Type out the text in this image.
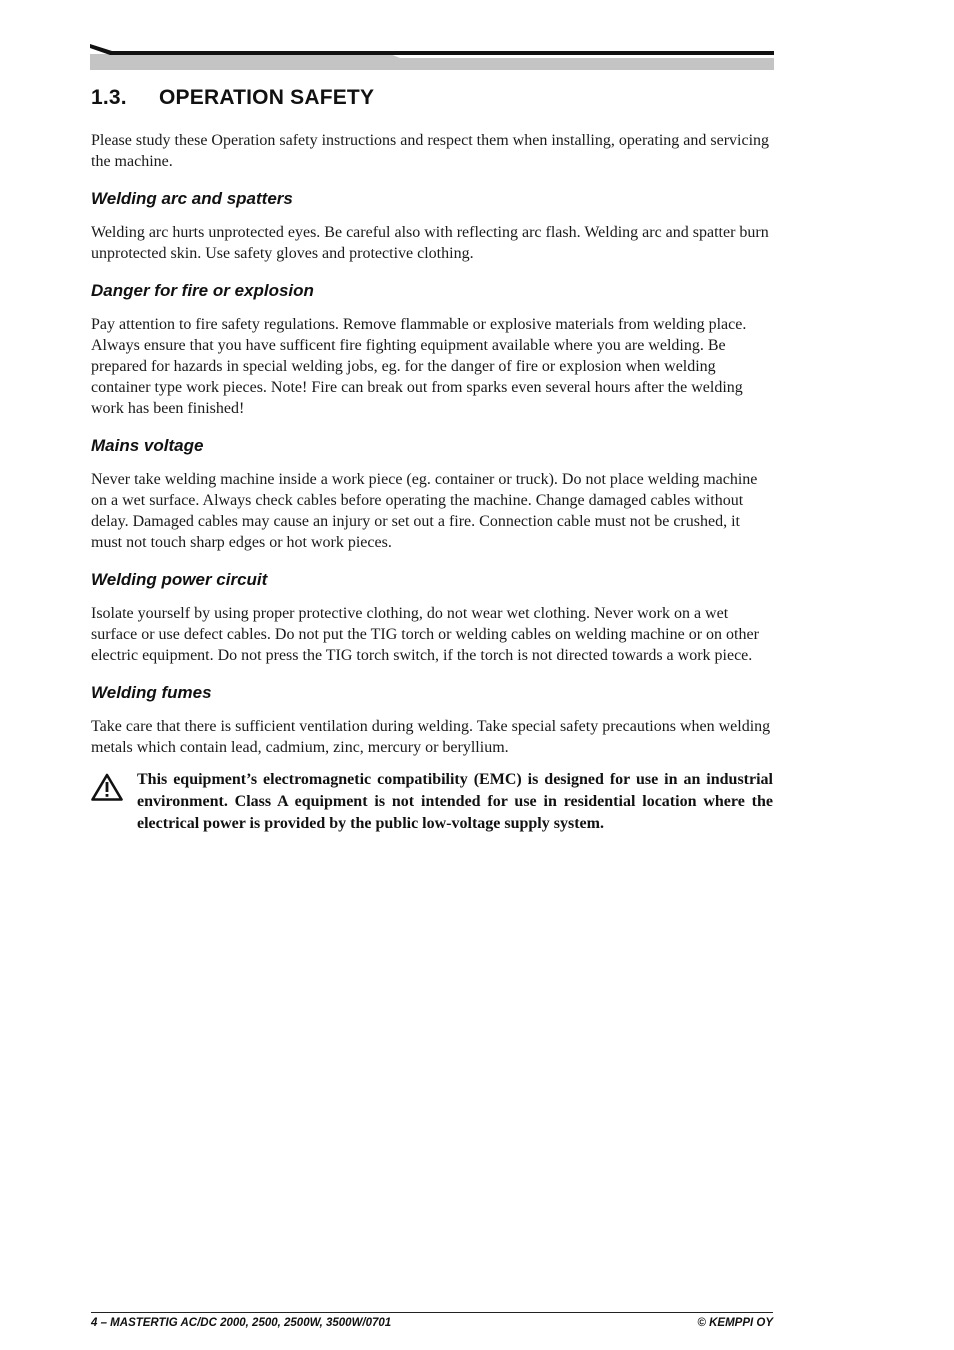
1.3. OPERATION SAFETY

Please study these Operation safety instructions and respect them when installing, operating and servicing the machine.

Welding arc and spatters

Welding arc hurts unprotected eyes. Be careful also with reflecting arc flash. Welding arc and spatter burn unprotected skin. Use safety gloves and protective clothing.

Danger for fire or explosion

Pay attention to fire safety regulations. Remove flammable or explosive materials from welding place. Always ensure that you have sufficent fire fighting equipment available where you are welding. Be prepared for hazards in special welding jobs, eg. for the danger of fire or explosion when welding container type work pieces. Note! Fire can break out from sparks even several hours after the welding work has been finished!

Mains voltage

Never take welding machine inside a work piece (eg. container or truck). Do not place welding machine on a wet surface. Always check cables before operating the machine. Change damaged cables without delay. Damaged cables may cause an injury or set out a fire. Connection cable must not be crushed, it must not touch sharp edges or hot work pieces.

Welding power circuit

Isolate yourself by using proper protective clothing, do not wear wet clothing. Never work on a wet surface or use defect cables. Do not put the TIG torch or welding cables on welding machine or on other electric equipment. Do not press the TIG torch switch, if the torch is not directed towards a work piece.

Welding fumes

Take care that there is sufficient ventilation during welding. Take special safety precautions when welding metals which contain lead, cadmium, zinc, mercury or beryllium.

This equipment’s electromagnetic compatibility (EMC) is designed for use in an industrial environment. Class A equipment is not intended for use in residential location where the electrical power is provided by the public low-voltage supply system.

4 – MASTERTIG AC/DC 2000, 2500, 2500W, 3500W/0701	© KEMPPI OY
